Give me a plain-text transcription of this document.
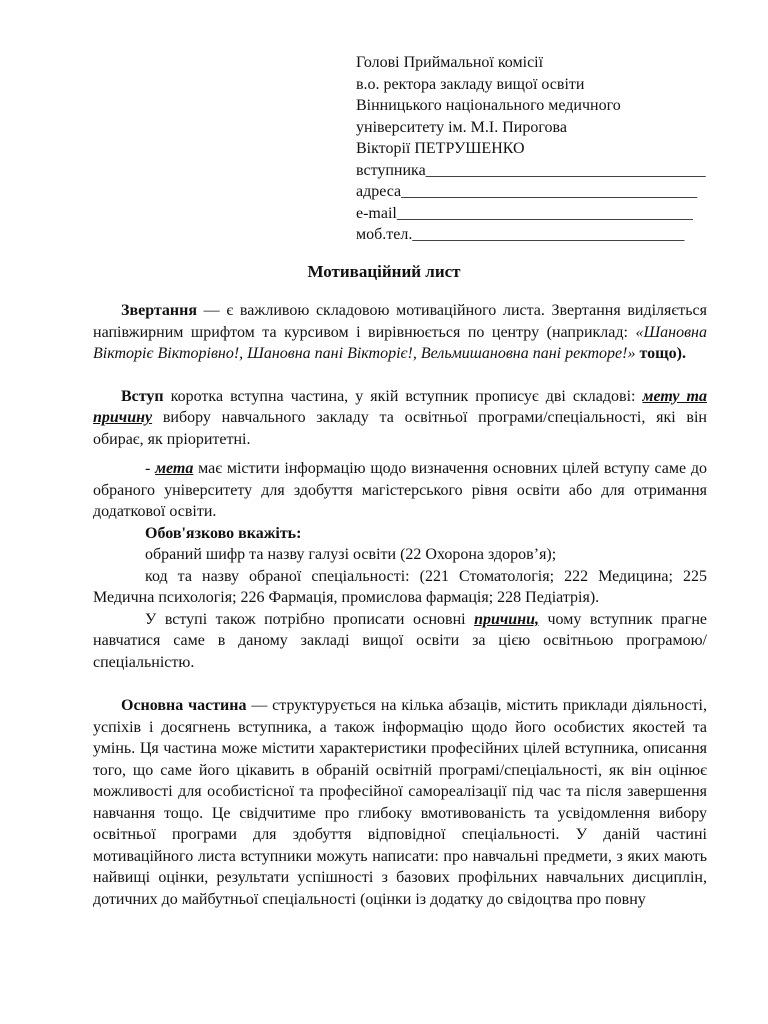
Голові Приймальної комісії
в.о. ректора закладу вищої освіти
Вінницького національного медичного
університету ім. М.І. Пирогова
Вікторії ПЕТРУШЕНКО
вступника___________________________________
адреса_____________________________________
e-mail_____________________________________
моб.тел.__________________________________
Мотиваційний лист

Звертання — є важливою складовою мотиваційного листа. Звертання виділяється напівжирним шрифтом та курсивом і вирівнюється по центру (наприклад: «Шановна Вікторіє Вікторівно!, Шановна пані Вікторіє!, Вельмишановна пані ректоре!» тощо).

Вступ коротка вступна частина, у якій вступник прописує дві складові: мету та причину вибору навчального закладу та освітньої програми/спеціальності, які він обирає, як пріоритетні.

- мета має містити інформацію щодо визначення основних цілей вступу саме до обраного університету для здобуття магістерського рівня освіти або для отримання додаткової освіти.

Обов'язково вкажіть:
обраний шифр та назву галузі освіти (22 Охорона здоров’я);

код та назву обраної спеціальності: (221 Стоматологія; 222 Медицина; 225 Медична психологія; 226 Фармація, промислова фармація; 228 Педіатрія).

У вступі також потрібно прописати основні причини, чому вступник прагне навчатися саме в даному закладі вищої освіти за цією освітньою програмою/спеціальністю.

Основна частина — структурується на кілька абзаців, містить приклади діяльності, успіхів і досягнень вступника, а також інформацію щодо його особистих якостей та умінь. Ця частина може містити характеристики професійних цілей вступника, описання того, що саме його цікавить в обраній освітній програмі/спеціальності, як він оцінює можливості для особистісної та професійної самореалізації під час та після завершення навчання тощо. Це свідчитиме про глибоку вмотивованість та усвідомлення вибору освітньої програми для здобуття відповідної спеціальності. У даній частині мотиваційного листа вступники можуть написати: про навчальні предмети, з яких мають найвищі оцінки, результати успішності з базових профільних навчальних дисциплін, дотичних до майбутньої спеціальності (оцінки із додатку до свідоцтва про повну
